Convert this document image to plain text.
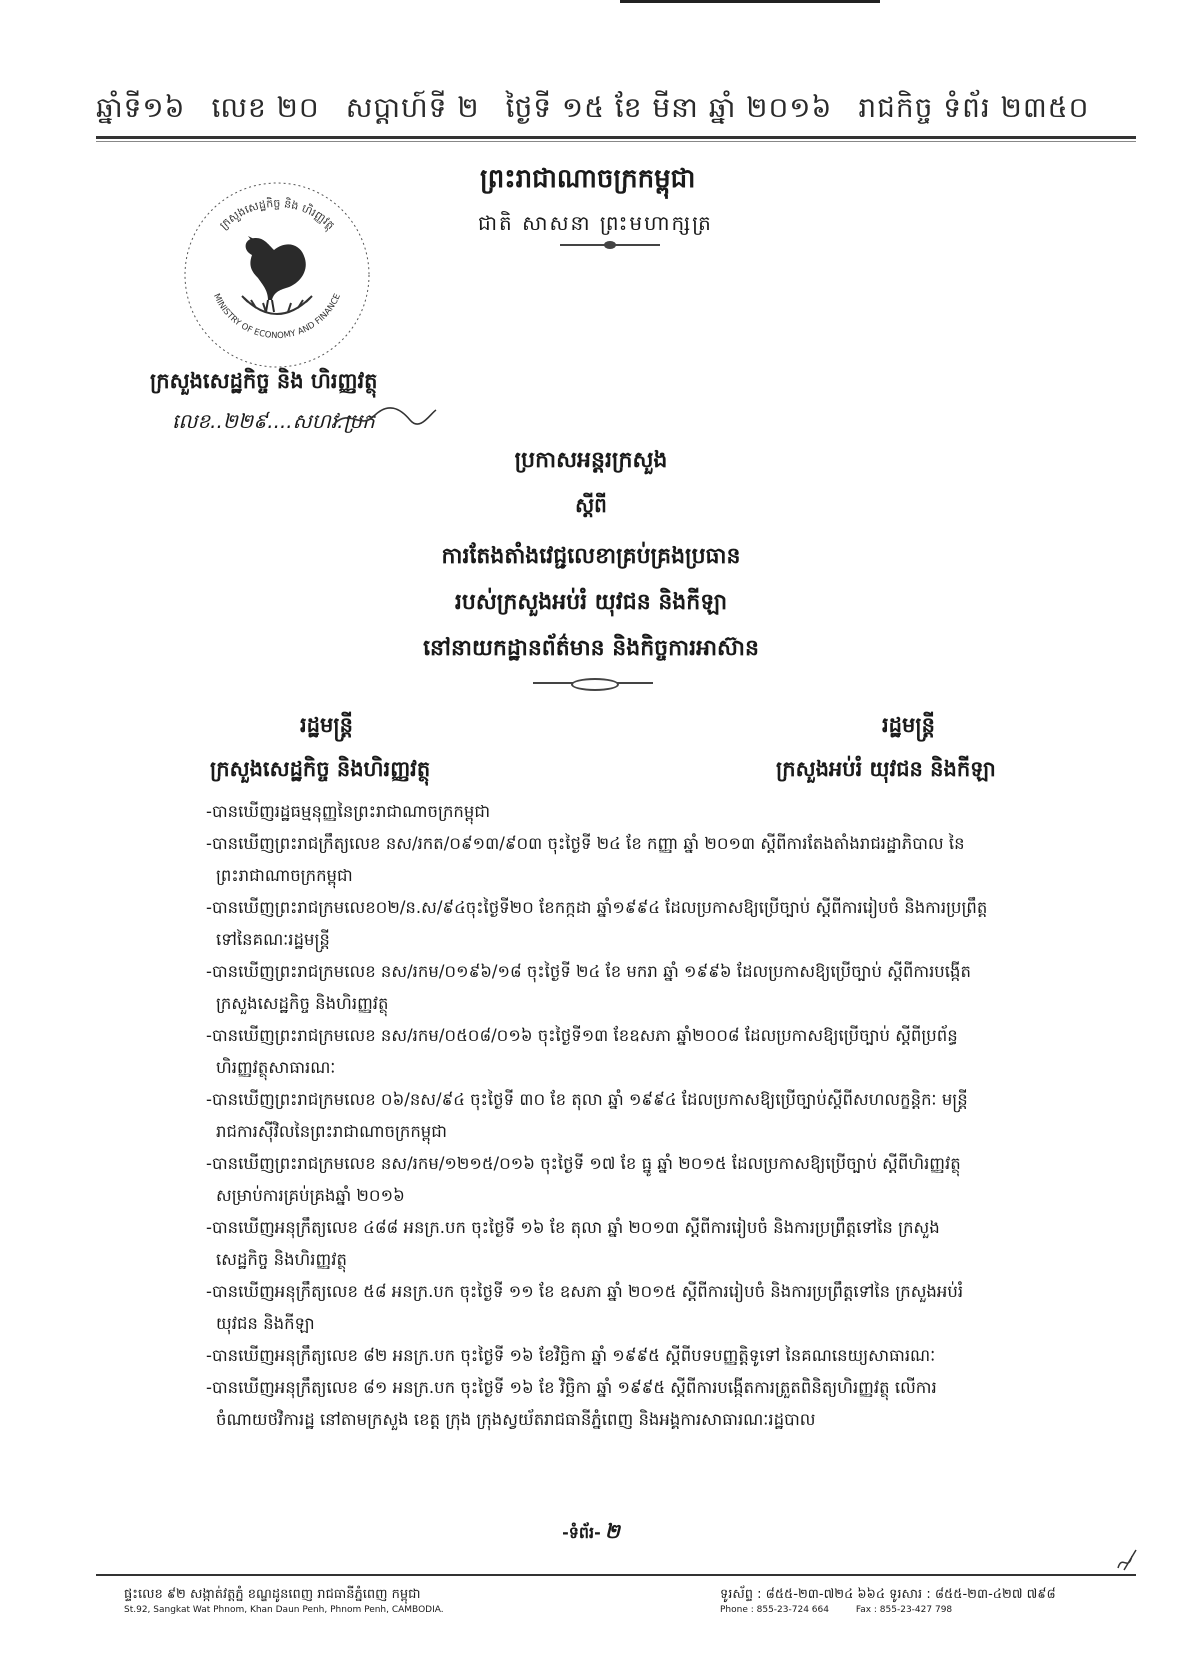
ឆ្នាំទី១៦ លេខ ២០ សប្តាហ៍ទី ២ ថ្ងៃទី ១៥ ខែ មីនា ឆ្នាំ ២០១៦ រាជកិច្ច ទំព័រ ២៣៥០
ព្រះរាជាណាចក្រកម្ពុជា
ជាតិ សាសនា ព្រះមហាក្សត្រ
ក្រសួងសេដ្ឋកិច្ច និង ហិរញ្ញវត្ថុ
MINISTRY OF ECONOMY AND FINANCE
ក្រសួងសេដ្ឋកិច្ច និង ហិរញ្ញវត្ថុ
លេខ..២២៩....សហវ.ប្រក
ប្រកាសអន្តរក្រសួង
ស្តីពី
ការតែងតាំងវេជ្ជលេខាគ្រប់គ្រងប្រធាន
របស់ក្រសួងអប់រំ យុវជន និងកីឡា
នៅនាយកដ្ឋានព័ត៌មាន និងកិច្ចការអាស៊ាន
រដ្ឋមន្ត្រី
ក្រសួងសេដ្ឋកិច្ច និងហិរញ្ញវត្ថុ
រដ្ឋមន្ត្រី
ក្រសួងអប់រំ យុវជន និងកីឡា
-បានឃើញរដ្ឋធម្មនុញ្ញនៃព្រះរាជាណាចក្រកម្ពុជា
-បានឃើញព្រះរាជក្រឹត្យលេខ នស/រកត/០៩១៣/៩០៣ ចុះថ្ងៃទី ២៤ ខែ កញ្ញា ឆ្នាំ ២០១៣ ស្តីពីការតែងតាំងរាជរដ្ឋាភិបាល នៃ
ព្រះរាជាណាចក្រកម្ពុជា
-បានឃើញព្រះរាជក្រមលេខ០២/ន.ស/៩៤ចុះថ្ងៃទី២០ ខែកក្កដា ឆ្នាំ១៩៩៤ ដែលប្រកាសឱ្យប្រើច្បាប់ ស្តីពីការរៀបចំ និងការប្រព្រឹត្ត
ទៅនៃគណៈរដ្ឋមន្ត្រី
-បានឃើញព្រះរាជក្រមលេខ នស/រកម/០១៩៦/១៨ ចុះថ្ងៃទី ២៤ ខែ មករា ឆ្នាំ ១៩៩៦ ដែលប្រកាសឱ្យប្រើច្បាប់ ស្តីពីការបង្កើត
ក្រសួងសេដ្ឋកិច្ច និងហិរញ្ញវត្ថុ
-បានឃើញព្រះរាជក្រមលេខ នស/រកម/០៥០៨/០១៦ ចុះថ្ងៃទី១៣ ខែឧសភា ឆ្នាំ២០០៨ ដែលប្រកាសឱ្យប្រើច្បាប់ ស្តីពីប្រព័ន្ធ
ហិរញ្ញវត្ថុសាធារណៈ
-បានឃើញព្រះរាជក្រមលេខ ០៦/នស/៩៤ ចុះថ្ងៃទី ៣០ ខែ តុលា ឆ្នាំ ១៩៩៤ ដែលប្រកាសឱ្យប្រើច្បាប់ស្តីពីសហលក្ខន្តិកៈ មន្ត្រី
រាជការស៊ីវិលនៃព្រះរាជាណាចក្រកម្ពុជា
-បានឃើញព្រះរាជក្រមលេខ នស/រកម/១២១៥/០១៦ ចុះថ្ងៃទី ១៧ ខែ ធ្នូ ឆ្នាំ ២០១៥ ដែលប្រកាសឱ្យប្រើច្បាប់ ស្តីពីហិរញ្ញវត្ថុ
សម្រាប់ការគ្រប់គ្រងឆ្នាំ ២០១៦
-បានឃើញអនុក្រឹត្យលេខ ៤៨៨ អនក្រ.បក ចុះថ្ងៃទី ១៦ ខែ តុលា ឆ្នាំ ២០១៣ ស្តីពីការរៀបចំ និងការប្រព្រឹត្តទៅនៃ ក្រសួង
សេដ្ឋកិច្ច និងហិរញ្ញវត្ថុ
-បានឃើញអនុក្រឹត្យលេខ ៥៨ អនក្រ.បក ចុះថ្ងៃទី ១១ ខែ ឧសភា ឆ្នាំ ២០១៥ ស្តីពីការរៀបចំ និងការប្រព្រឹត្តទៅនៃ ក្រសួងអប់រំ
យុវជន និងកីឡា
-បានឃើញអនុក្រឹត្យលេខ ៨២ អនក្រ.បក ចុះថ្ងៃទី ១៦ ខែវិច្ឆិកា ឆ្នាំ ១៩៩៥ ស្តីពីបទបញ្ញត្តិទូទៅ នៃគណនេយ្យសាធារណៈ
-បានឃើញអនុក្រឹត្យលេខ ៨១ អនក្រ.បក ចុះថ្ងៃទី ១៦ ខែ វិច្ឆិកា ឆ្នាំ ១៩៩៥ ស្តីពីការបង្កើតការត្រួតពិនិត្យហិរញ្ញវត្ថុ លើការ
ចំណាយថវិការដ្ឋ នៅតាមក្រសួង ខេត្ត ក្រុង ក្រុងស្វយ័តរាជធានីភ្នំពេញ និងអង្គការសាធារណៈរដ្ឋបាល
-ទំព័រ- ២
ផ្ទះលេខ ៩២ សង្កាត់វត្តភ្នំ ខណ្ឌដូនពេញ រាជធានីភ្នំពេញ កម្ពុជា
St.92, Sangkat Wat Phnom, Khan Daun Penh, Phnom Penh, CAMBODIA.
ទូរស័ព្ទ : ៨៥៥-២៣-៧២៤ ៦៦៤ ទូរសារ : ៨៥៥-២៣-៤២៧ ៧៩៨
Phone : 855-23-724 664	Fax : 855-23-427 798
